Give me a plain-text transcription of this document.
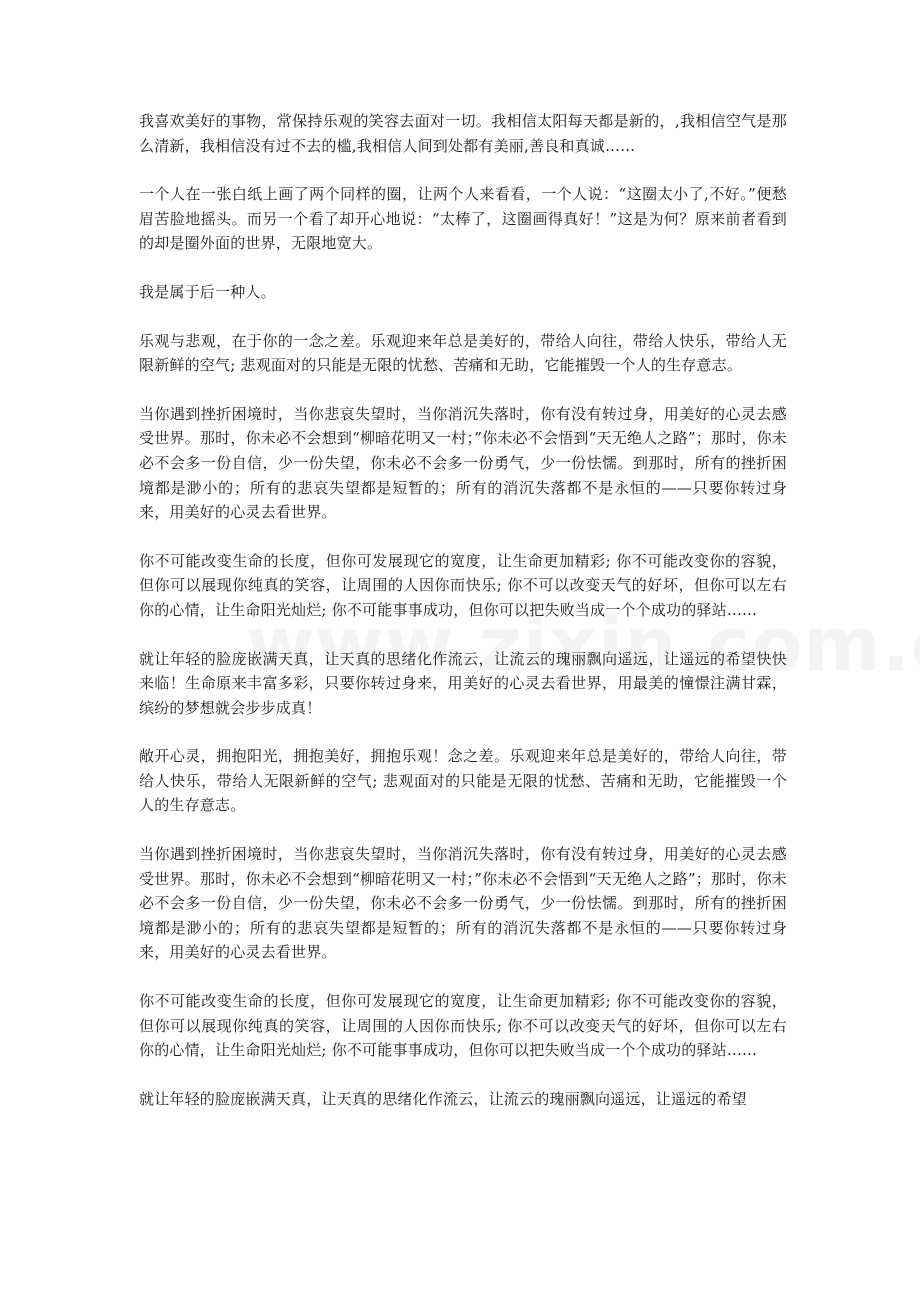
我喜欢美好的事物，常保持乐观的笑容去面对一切。我相信太阳每天都是新的，,我相信空气是那么清新，我相信没有过不去的槛,我相信人间到处都有美丽,善良和真诚……

一个人在一张白纸上画了两个同样的圈，让两个人来看看，一个人说：“这圈太小了,不好。”便愁眉苦脸地摇头。而另一个看了却开心地说：“太棒了，这圈画得真好！”这是为何？原来前者看到的却是圈外面的世界，无限地宽大。

我是属于后一种人。

乐观与悲观，在于你的一念之差。乐观迎来年总是美好的，带给人向往，带给人快乐，带给人无限新鲜的空气; 悲观面对的只能是无限的忧愁、苦痛和无助，它能摧毁一个人的生存意志。

当你遇到挫折困境时，当你悲哀失望时，当你消沉失落时，你有没有转过身，用美好的心灵去感受世界。那时，你未必不会想到“柳暗花明又一村；”你未必不会悟到“天无绝人之路”；那时，你未必不会多一份自信，少一份失望，你未必不会多一份勇气，少一份怯懦。到那时，所有的挫折困境都是渺小的；所有的悲哀失望都是短暂的；所有的消沉失落都不是永恒的——只要你转过身来，用美好的心灵去看世界。

你不可能改变生命的长度，但你可发展现它的宽度，让生命更加精彩; 你不可能改变你的容貌，但你可以展现你纯真的笑容，让周围的人因你而快乐; 你不可以改变天气的好坏，但你可以左右你的心情，让生命阳光灿烂; 你不可能事事成功，但你可以把失败当成一个个成功的驿站……

就让年轻的脸庞嵌满天真，让天真的思绪化作流云，让流云的瑰丽飘向遥远，让遥远的希望快快来临！生命原来丰富多彩，只要你转过身来，用美好的心灵去看世界，用最美的憧憬注满甘霖，缤纷的梦想就会步步成真！

敞开心灵，拥抱阳光，拥抱美好，拥抱乐观！念之差。乐观迎来年总是美好的，带给人向往，带给人快乐，带给人无限新鲜的空气; 悲观面对的只能是无限的忧愁、苦痛和无助，它能摧毁一个人的生存意志。

当你遇到挫折困境时，当你悲哀失望时，当你消沉失落时，你有没有转过身，用美好的心灵去感受世界。那时，你未必不会想到“柳暗花明又一村；”你未必不会悟到“天无绝人之路”；那时，你未必不会多一份自信，少一份失望，你未必不会多一份勇气，少一份怯懦。到那时，所有的挫折困境都是渺小的；所有的悲哀失望都是短暂的；所有的消沉失落都不是永恒的——只要你转过身来，用美好的心灵去看世界。

你不可能改变生命的长度，但你可发展现它的宽度，让生命更加精彩; 你不可能改变你的容貌，但你可以展现你纯真的笑容，让周围的人因你而快乐; 你不可以改变天气的好坏，但你可以左右你的心情，让生命阳光灿烂; 你不可能事事成功，但你可以把失败当成一个个成功的驿站……

就让年轻的脸庞嵌满天真，让天真的思绪化作流云，让流云的瑰丽飘向遥远，让遥远的希望
